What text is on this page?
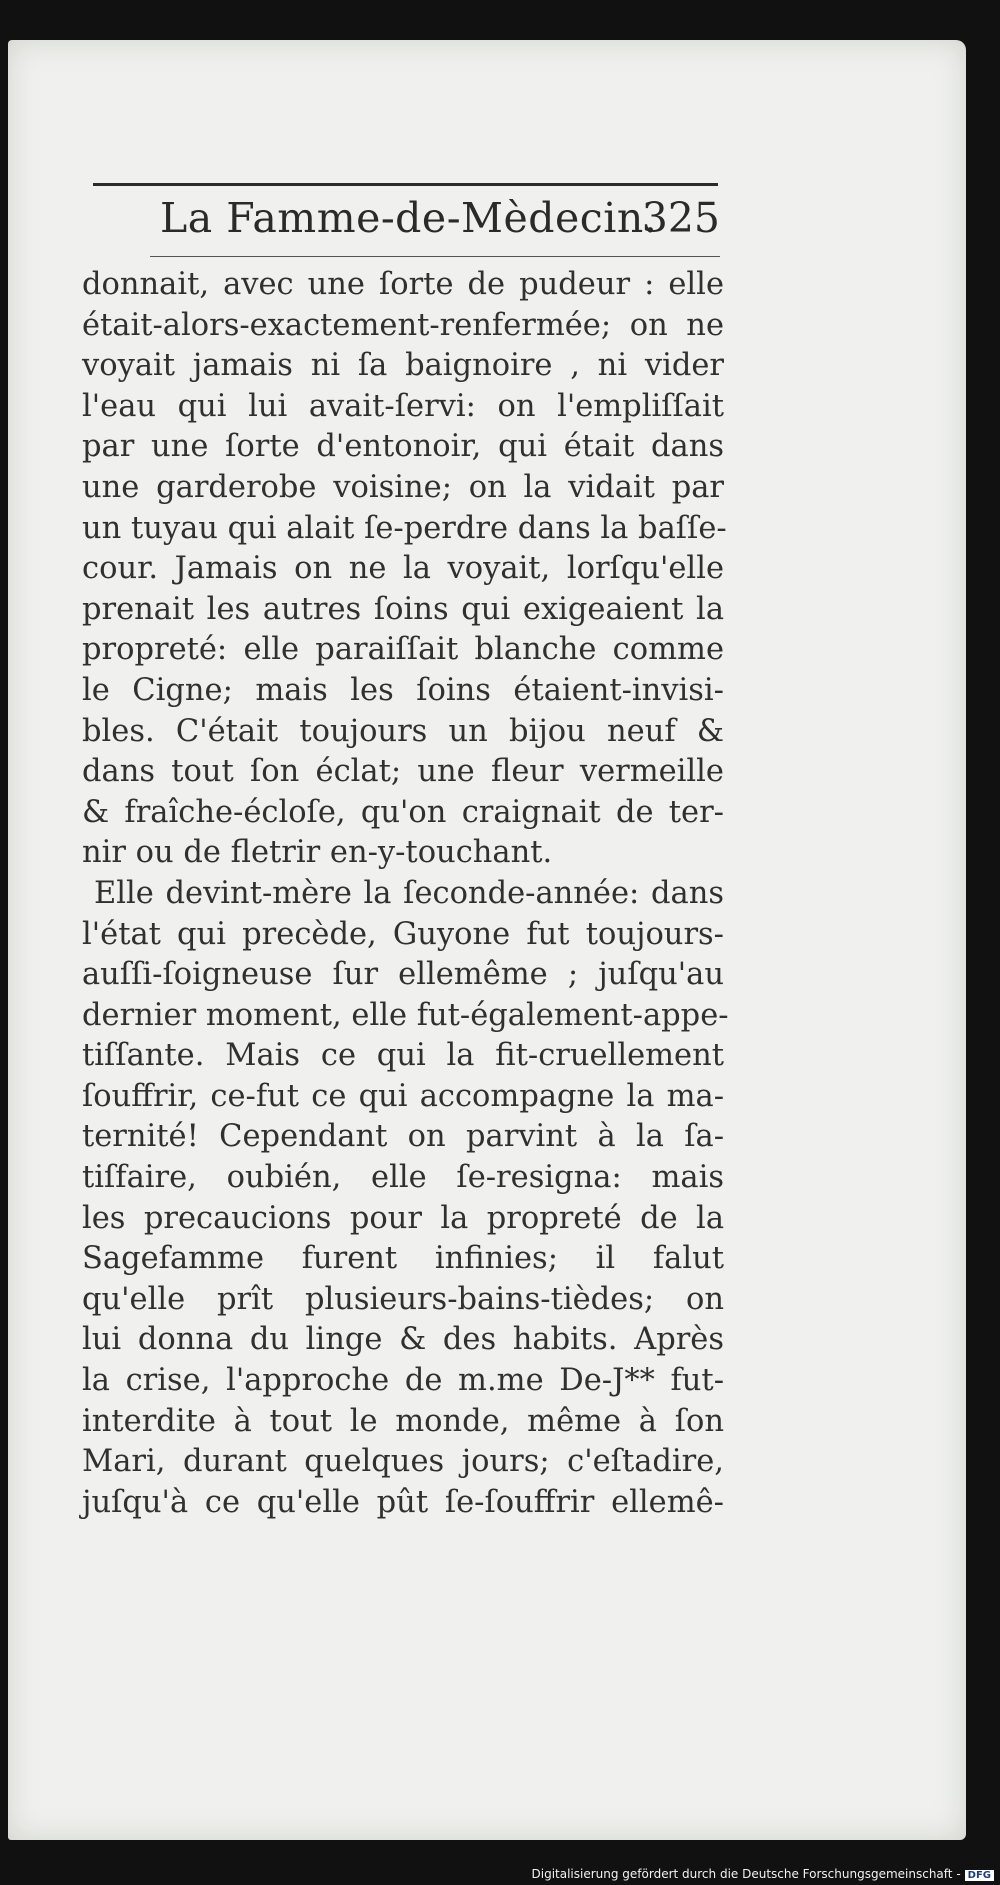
La Famme-de-Mèdecin.
325
donnait, avec une ſorte de pudeur : elle
était-alors-exactement-renfermée; on ne
voyait jamais ni ſa baignoire , ni vider
l'eau qui lui avait-ſervi: on l'empliſſait
par une ſorte d'entonoir, qui était dans
une garderobe voisine; on la vidait par
un tuyau qui alait ſe-perdre dans la baſſe-
cour. Jamais on ne la voyait, lorſqu'elle
prenait les autres ſoins qui exigeaient la
propreté: elle paraiſſait blanche comme
le Cigne; mais les ſoins étaient-invisi-
bles. C'était toujours un bijou neuf &
dans tout ſon éclat; une fleur vermeille
& fraîche-écloſe, qu'on craignait de ter-
nir ou de fletrir en-y-touchant.
Elle devint-mère la ſeconde-année: dans
l'état qui precède, Guyone fut toujours-
auſſi-ſoigneuse ſur ellemême ; juſqu'au
dernier moment, elle fut-également-appe-
tiſſante. Mais ce qui la fit-cruellement
ſouffrir, ce-fut ce qui accompagne la ma-
ternité! Cependant on parvint à la ſa-
tiſfaire, oubién, elle ſe-resigna: mais
les precaucions pour la propreté de la
Sagefamme furent infinies; il falut
qu'elle prît plusieurs-bains-tièdes; on
lui donna du linge & des habits. Après
la crise, l'approche de m.me De-J** fut-
interdite à tout le monde, même à ſon
Mari, durant quelques jours; c'eſtadire,
juſqu'à ce qu'elle pût ſe-ſouffrir ellemê-
Digitalisierung gefördert durch die Deutsche Forschungsgemeinschaft - DFG
